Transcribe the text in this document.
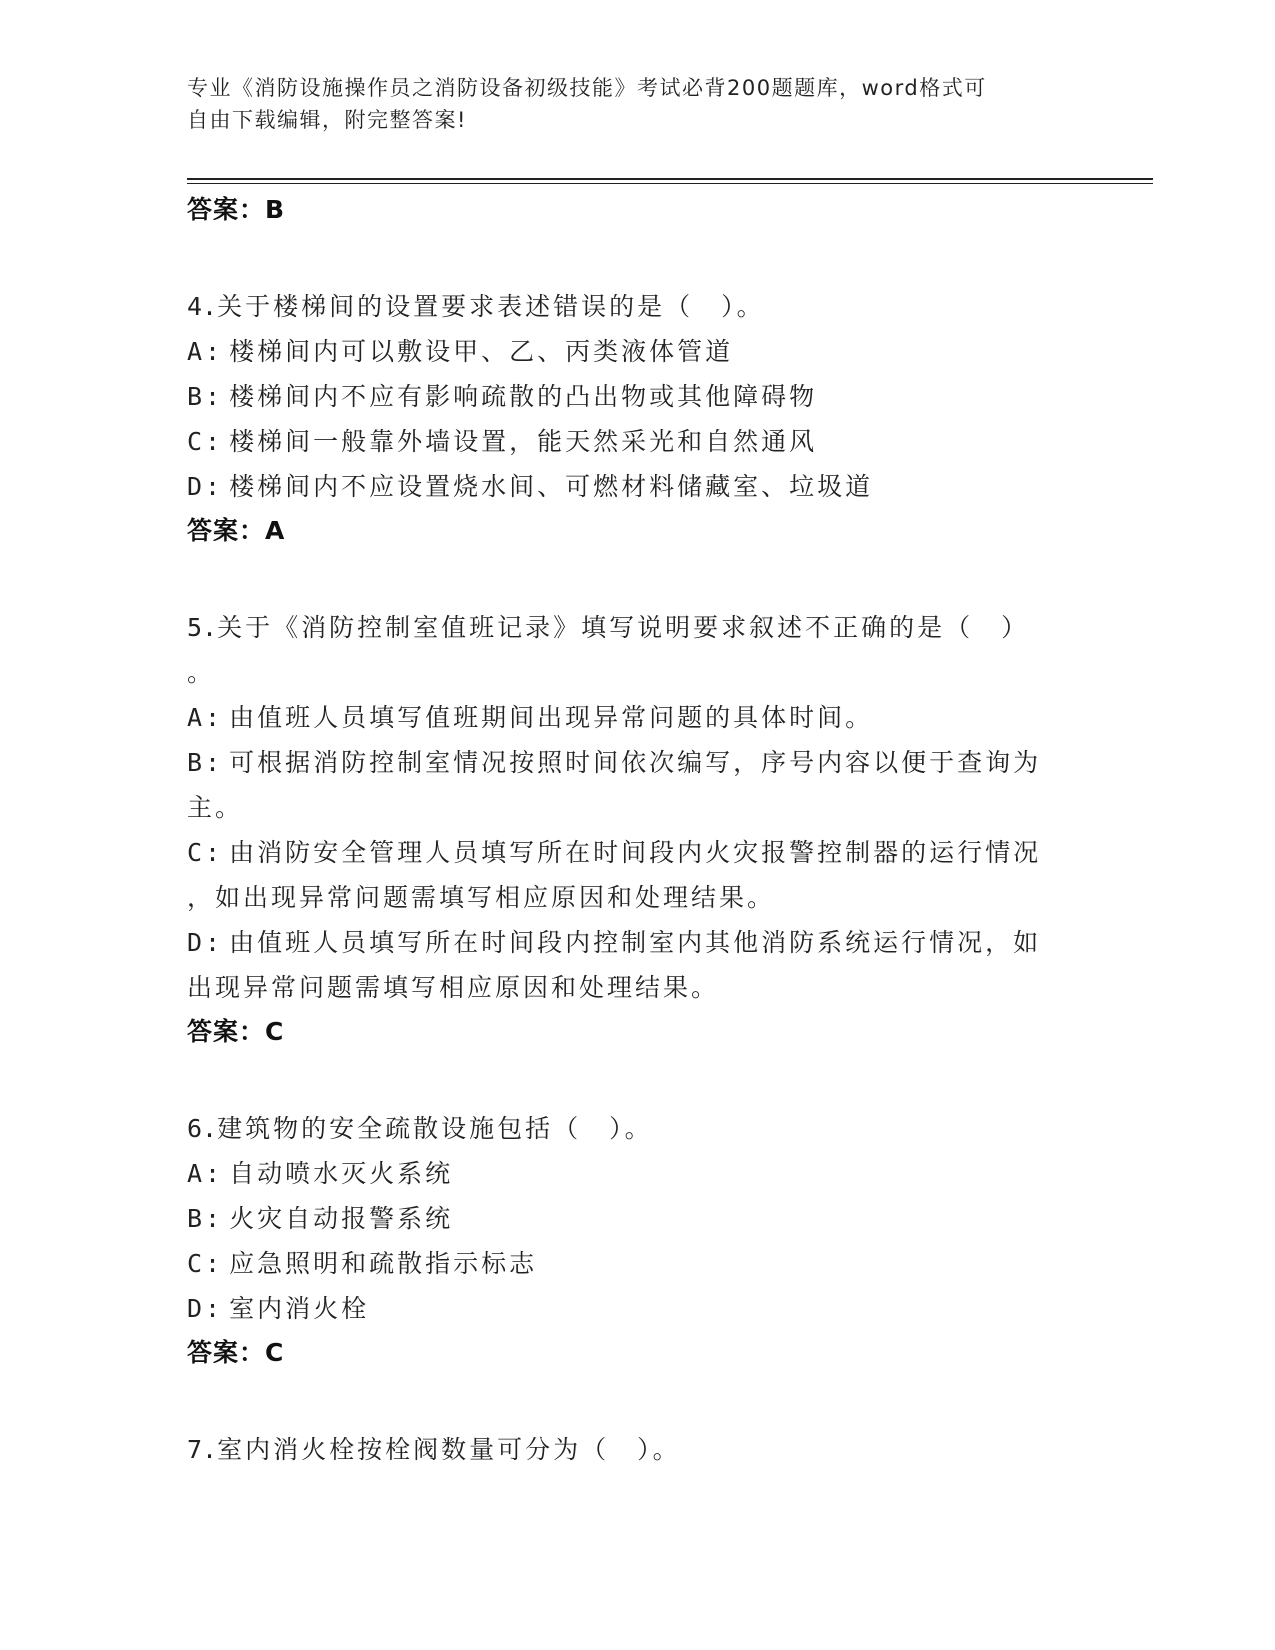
专业《消防设施操作员之消防设备初级技能》考试必背200题题库，word格式可
自由下载编辑，附完整答案!
答案：B
4.关于楼梯间的设置要求表述错误的是（　）。
A: 楼梯间内可以敷设甲、乙、丙类液体管道
B: 楼梯间内不应有影响疏散的凸出物或其他障碍物
C: 楼梯间一般靠外墙设置，能天然采光和自然通风
D: 楼梯间内不应设置烧水间、可燃材料储藏室、垃圾道
答案：A
5.关于《消防控制室值班记录》填写说明要求叙述不正确的是（　）
。
A: 由值班人员填写值班期间出现异常问题的具体时间。
B: 可根据消防控制室情况按照时间依次编写，序号内容以便于查询为
主。
C: 由消防安全管理人员填写所在时间段内火灾报警控制器的运行情况
，如出现异常问题需填写相应原因和处理结果。
D: 由值班人员填写所在时间段内控制室内其他消防系统运行情况，如
出现异常问题需填写相应原因和处理结果。
答案：C
6.建筑物的安全疏散设施包括（　）。
A: 自动喷水灭火系统
B: 火灾自动报警系统
C: 应急照明和疏散指示标志
D: 室内消火栓
答案：C
7.室内消火栓按栓阀数量可分为（　）。
